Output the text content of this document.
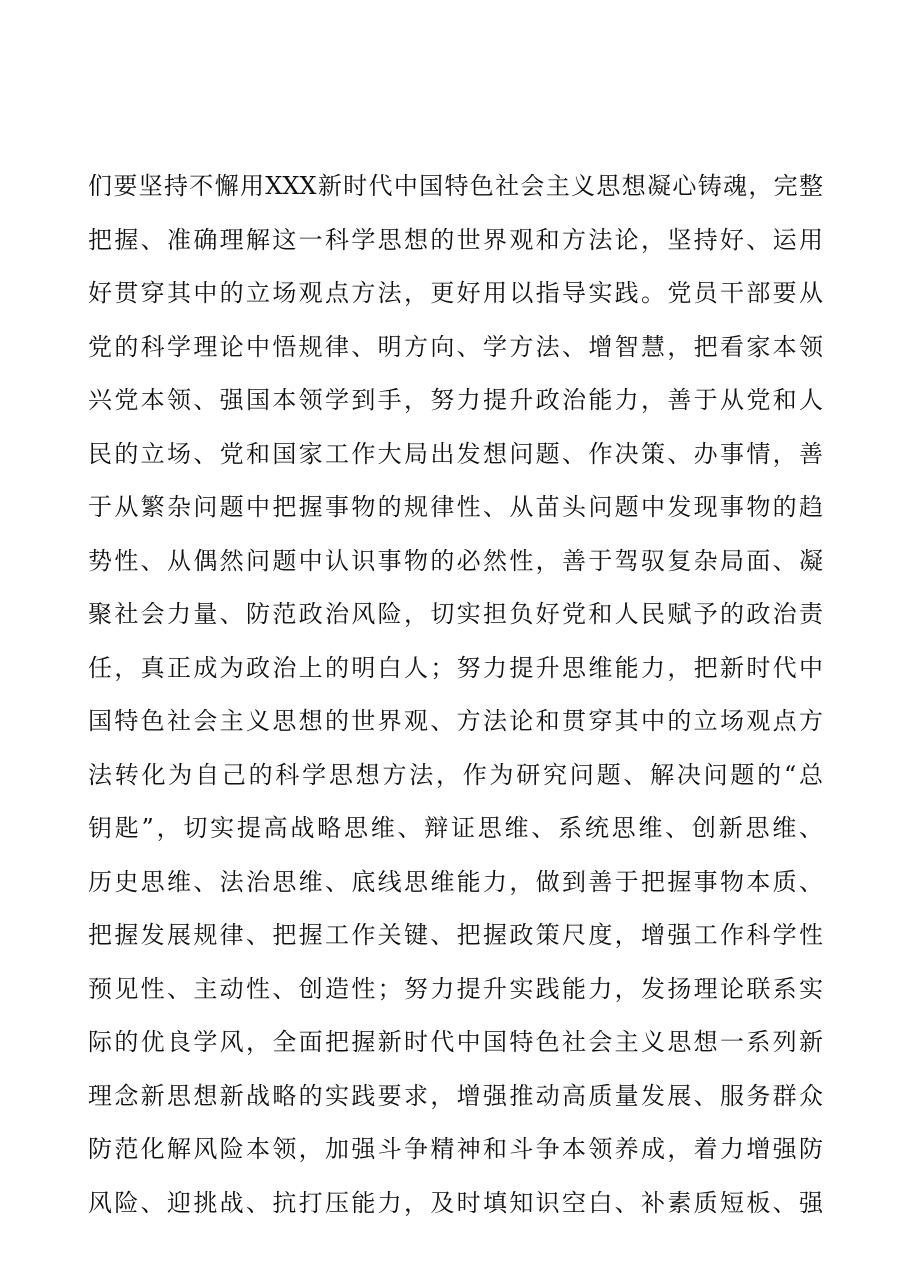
们要坚持不懈用XXX新时代中国特色社会主义思想凝心铸魂，完整
把握、准确理解这一科学思想的世界观和方法论，坚持好、运用
好贯穿其中的立场观点方法，更好用以指导实践。党员干部要从
党的科学理论中悟规律、明方向、学方法、增智慧，把看家本领
兴党本领、强国本领学到手，努力提升政治能力，善于从党和人
民的立场、党和国家工作大局出发想问题、作决策、办事情，善
于从繁杂问题中把握事物的规律性、从苗头问题中发现事物的趋
势性、从偶然问题中认识事物的必然性，善于驾驭复杂局面、凝
聚社会力量、防范政治风险，切实担负好党和人民赋予的政治责
任，真正成为政治上的明白人；努力提升思维能力，把新时代中
国特色社会主义思想的世界观、方法论和贯穿其中的立场观点方
法转化为自己的科学思想方法，作为研究问题、解决问题的“总
钥匙”，切实提高战略思维、辩证思维、系统思维、创新思维、
历史思维、法治思维、底线思维能力，做到善于把握事物本质、
把握发展规律、把握工作关键、把握政策尺度，增强工作科学性
预见性、主动性、创造性；努力提升实践能力，发扬理论联系实
际的优良学风，全面把握新时代中国特色社会主义思想一系列新
理念新思想新战略的实践要求，增强推动高质量发展、服务群众
防范化解风险本领，加强斗争精神和斗争本领养成，着力增强防
风险、迎挑战、抗打压能力，及时填知识空白、补素质短板、强
